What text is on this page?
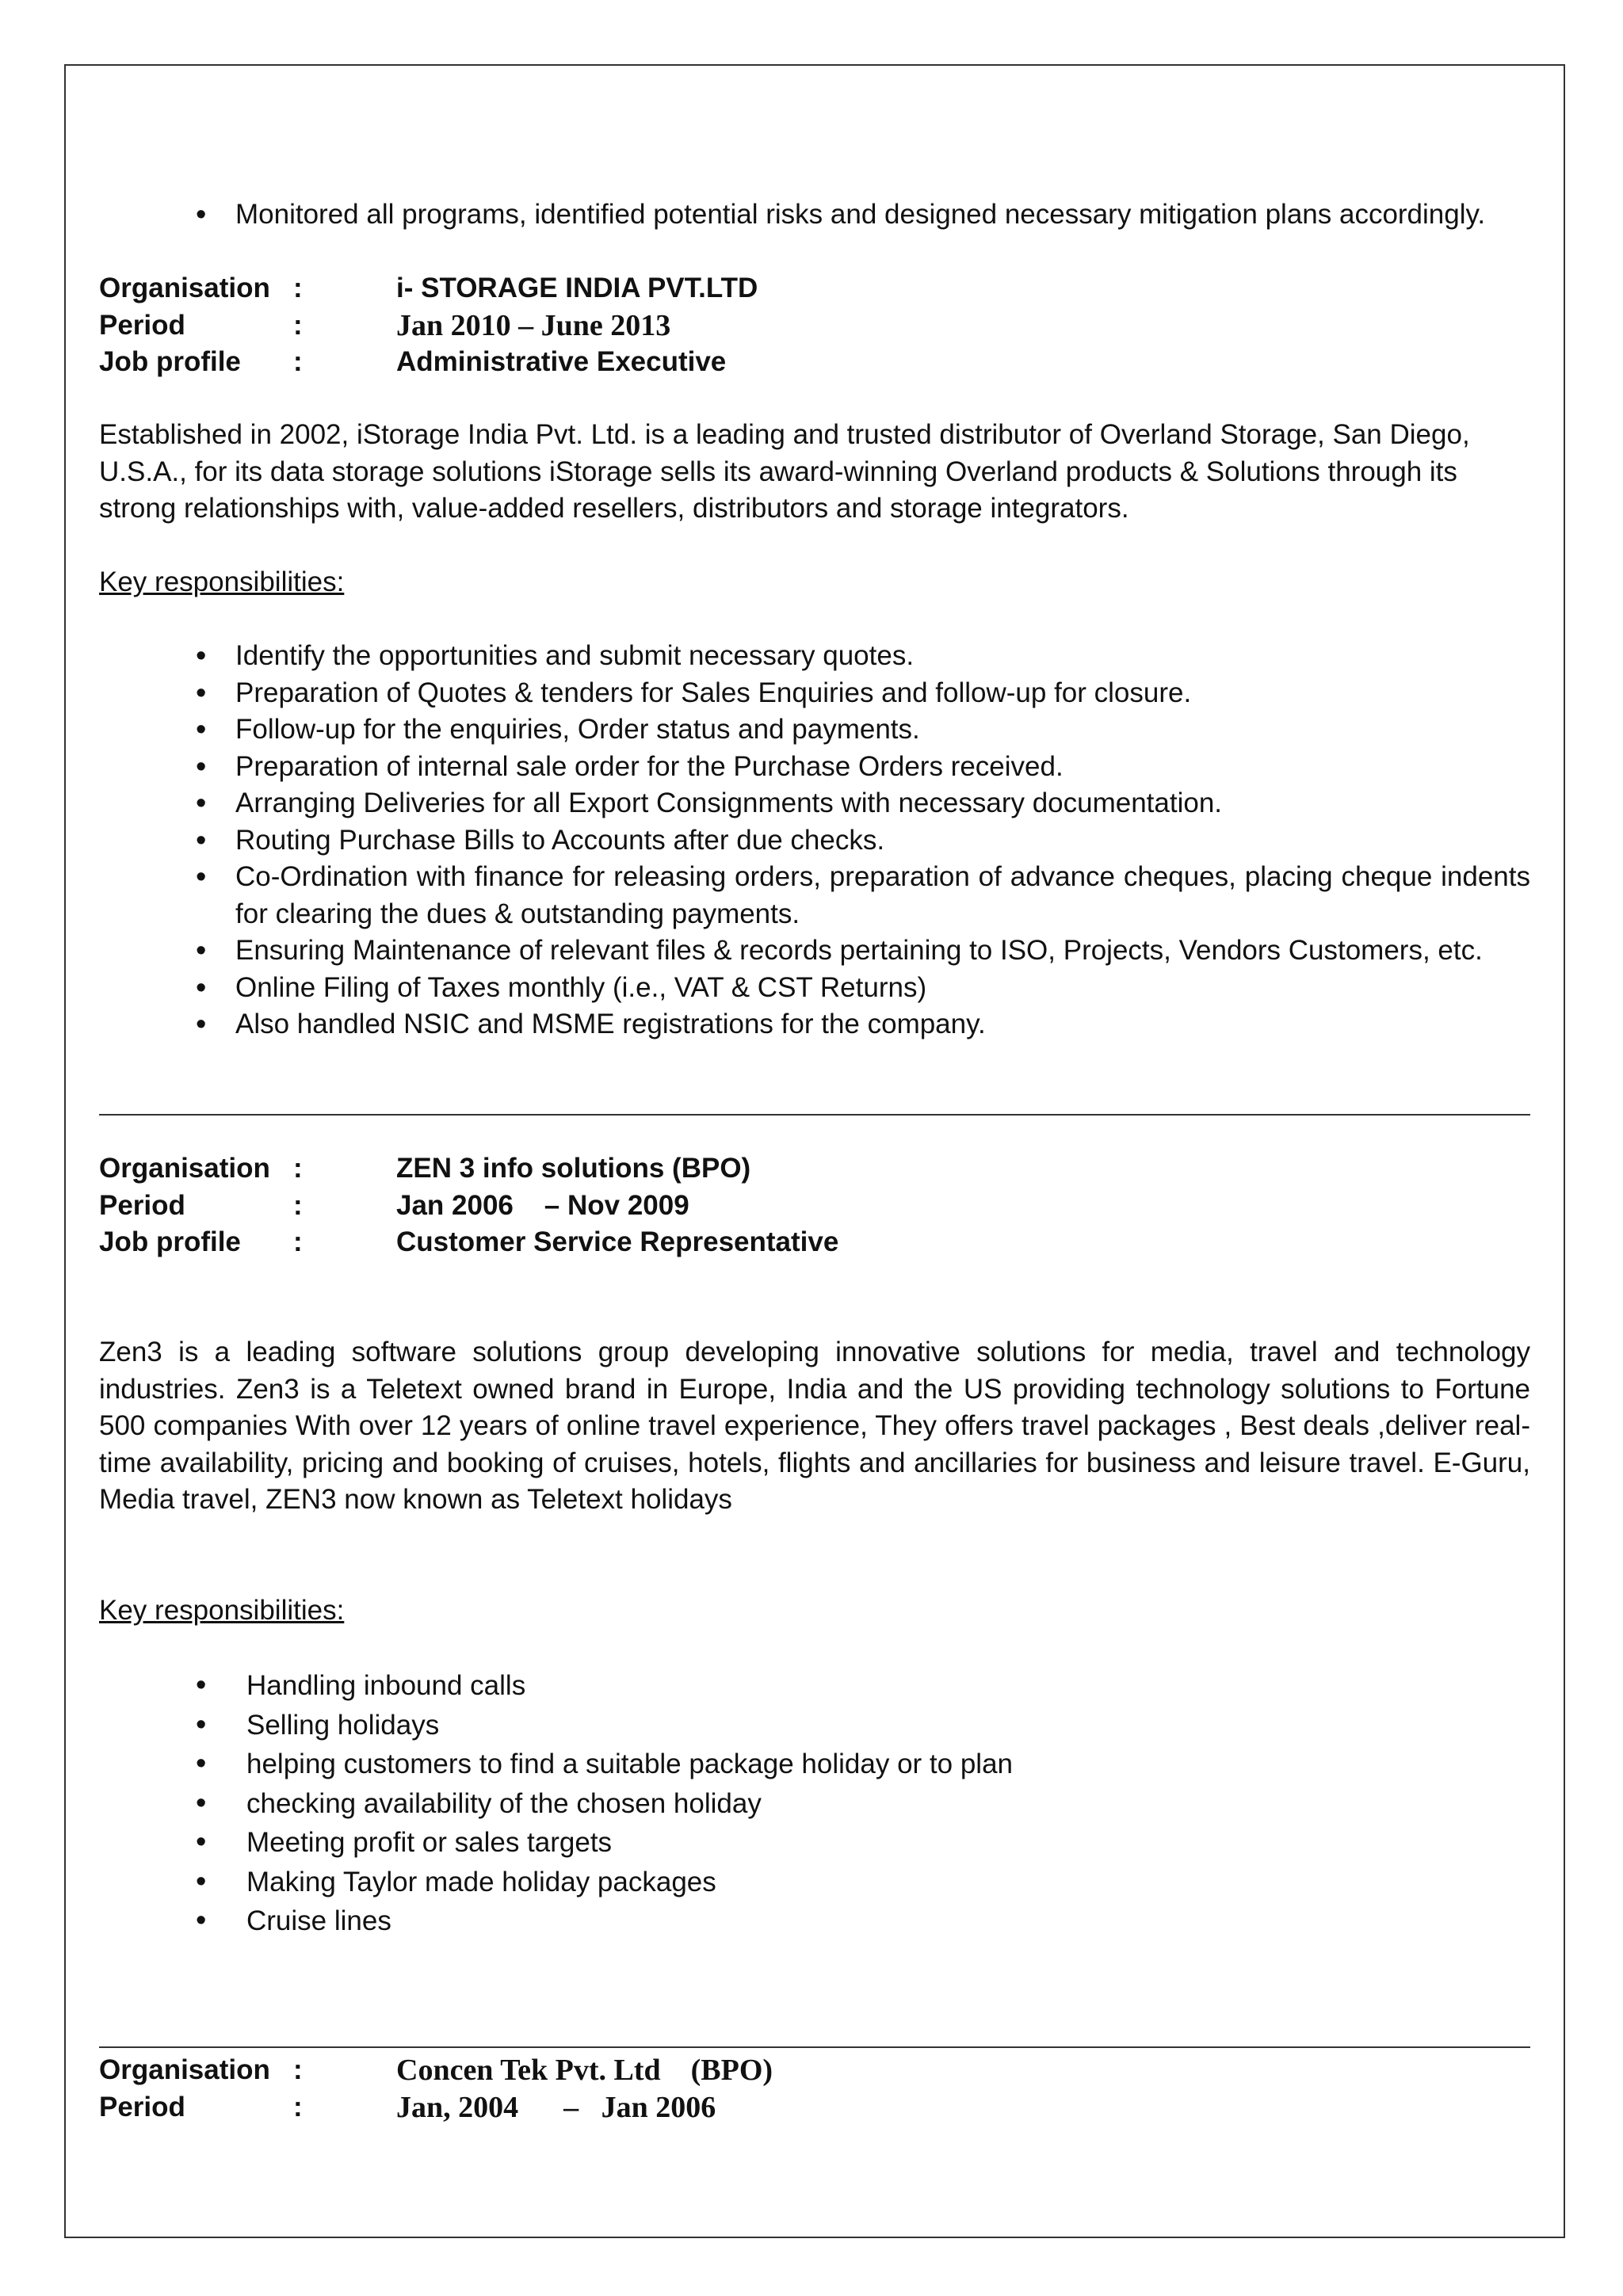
• Monitored all programs, identified potential risks and designed necessary mitigation plans accordingly.
Organisation :	i- STORAGE INDIA PVT.LTD
Period	:	Jan 2010 – June 2013
Job profile :	Administrative Executive
Established in 2002, iStorage India Pvt. Ltd. is a leading and trusted distributor of Overland Storage, San Diego, U.S.A., for its data storage solutions iStorage sells its award-winning Overland products & Solutions through its strong relationships with, value-added resellers, distributors and storage integrators.
Key responsibilities:
• Identify the opportunities and submit necessary quotes.
• Preparation of Quotes & tenders for Sales Enquiries and follow-up for closure.
• Follow-up for the enquiries, Order status and payments.
• Preparation of internal sale order for the Purchase Orders received.
• Arranging Deliveries for all Export Consignments with necessary documentation.
• Routing Purchase Bills to Accounts after due checks.
• Co-Ordination with finance for releasing orders, preparation of advance cheques, placing cheque indents for clearing the dues & outstanding payments.
• Ensuring Maintenance of relevant files & records pertaining to ISO, Projects, Vendors Customers, etc.
• Online Filing of Taxes monthly (i.e., VAT & CST Returns)
• Also handled NSIC and MSME registrations for the company.
Organisation :	ZEN 3 info solutions (BPO)
Period	:	Jan 2006    – Nov 2009
Job profile :	Customer Service Representative
Zen3 is a leading software solutions group developing innovative solutions for media, travel and technology industries. Zen3 is a Teletext owned brand in Europe, India and the US providing technology solutions to Fortune 500 companies With over 12 years of online travel experience, They offers travel packages , Best deals ,deliver real-time availability, pricing and booking of cruises, hotels, flights and ancillaries for business and leisure travel. E-Guru, Media travel, ZEN3 now known as Teletext holidays
Key responsibilities:
• Handling inbound calls
• Selling holidays
• helping customers to find a suitable package holiday or to plan
• checking availability of the chosen holiday
• Meeting profit or sales targets
• Making Taylor made holiday packages
• Cruise lines
Organisation :	Concen Tek Pvt. Ltd    (BPO)
Period	:	Jan, 2004      –   Jan 2006
